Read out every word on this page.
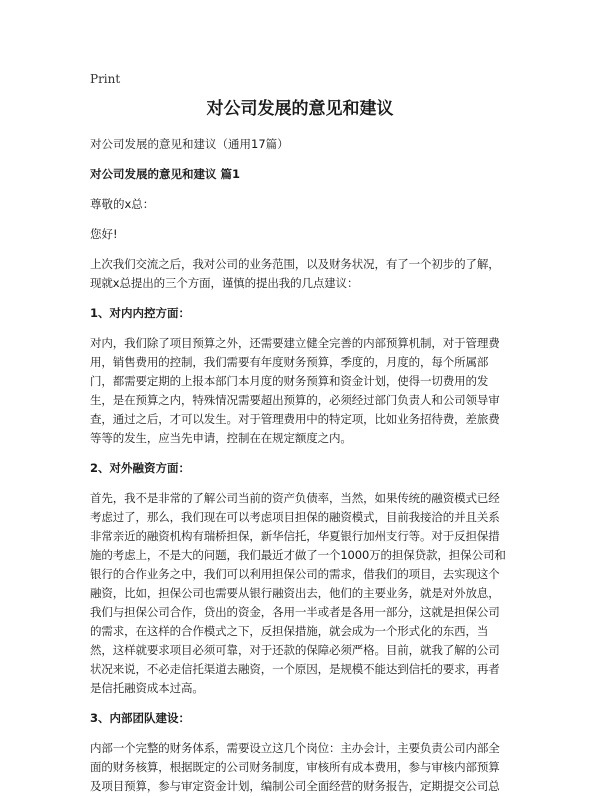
Print
对公司发展的意见和建议

对公司发展的意见和建议（通用17篇）

对公司发展的意见和建议 篇1

尊敬的x总：

您好!

上次我们交流之后，我对公司的业务范围，以及财务状况，有了一个初步的了解，现就x总提出的三个方面，谨慎的提出我的几点建议：

1、对内内控方面：

对内，我们除了项目预算之外，还需要建立健全完善的内部预算机制，对于管理费用，销售费用的控制，我们需要有年度财务预算，季度的，月度的，每个所属部门，都需要定期的上报本部门本月度的财务预算和资金计划，使得一切费用的发生，是在预算之内，特殊情况需要超出预算的，必须经过部门负责人和公司领导审查，通过之后，才可以发生。对于管理费用中的特定项，比如业务招待费，差旅费等等的发生，应当先申请，控制在在规定额度之内。

2、对外融资方面：

首先，我不是非常的了解公司当前的资产负债率，当然，如果传统的融资模式已经考虑过了，那么，我们现在可以考虑项目担保的融资模式，目前我接洽的并且关系非常亲近的融资机构有瑞桥担保，新华信托，华夏银行加州支行等。对于反担保措施的考虑上，不是大的问题，我们最近才做了一个1000万的担保贷款，担保公司和银行的合作业务之中，我们可以利用担保公司的需求，借我们的项目，去实现这个融资，比如，担保公司也需要从银行融资出去，他们的主要业务，就是对外放息，我们与担保公司合作，贷出的资金，各用一半或者是各用一部分，这就是担保公司的需求，在这样的合作模式之下，反担保措施，就会成为一个形式化的东西，当然，这样就要求项目必须可靠，对于还款的保障必须严格。目前，就我了解的公司状况来说，不必走信托渠道去融资，一个原因，是规模不能达到信托的要求，再者是信托融资成本过高。

3、内部团队建设：

内部一个完整的财务体系，需要设立这几个岗位：主办会计，主要负责公司内部全面的财务核算，根据既定的公司财务制度，审核所有成本费用，参与审核内部预算及项目预算，参与审定资金计划，编制公司全面经营的财务报告，定期提交公司总
